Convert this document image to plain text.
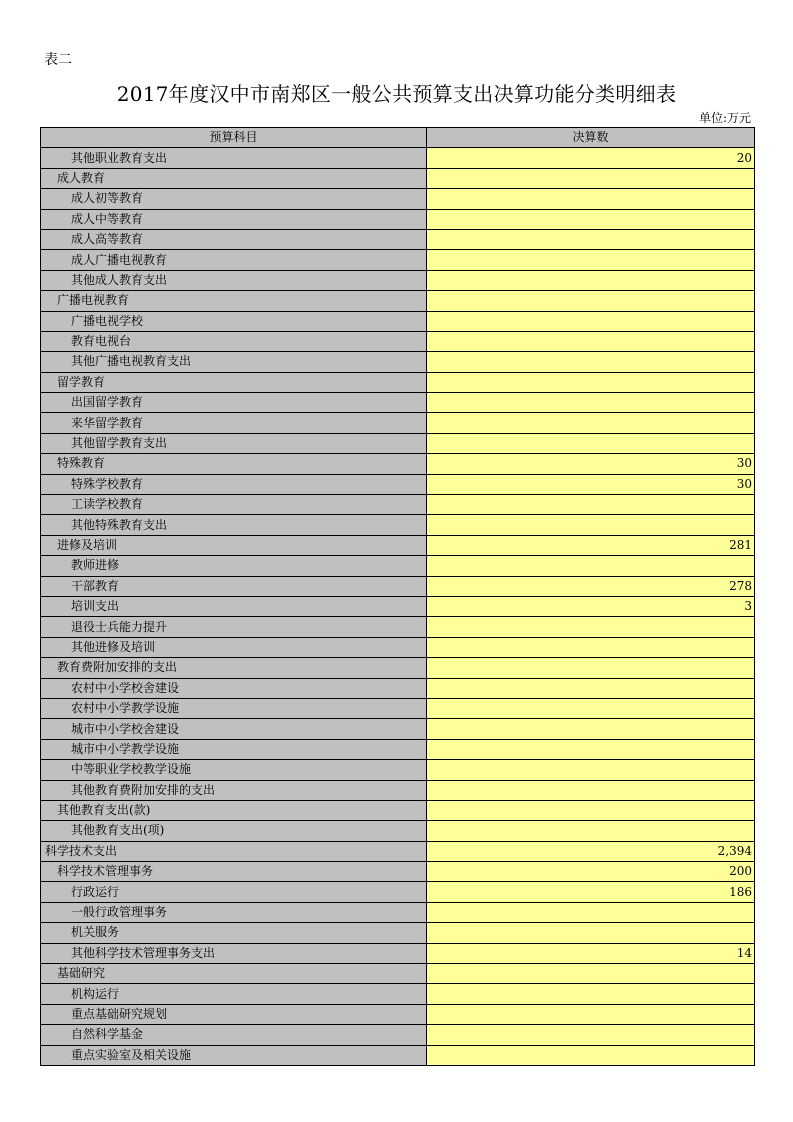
表二
2017年度汉中市南郑区一般公共预算支出决算功能分类明细表
单位:万元
预算科目	决算数
其他职业教育支出	20
成人教育	
成人初等教育	
成人中等教育	
成人高等教育	
成人广播电视教育	
其他成人教育支出	
广播电视教育	
广播电视学校	
教育电视台	
其他广播电视教育支出	
留学教育	
出国留学教育	
来华留学教育	
其他留学教育支出	
特殊教育	30
特殊学校教育	30
工读学校教育	
其他特殊教育支出	
进修及培训	281
教师进修	
干部教育	278
培训支出	3
退役士兵能力提升	
其他进修及培训	
教育费附加安排的支出	
农村中小学校舍建设	
农村中小学教学设施	
城市中小学校舍建设	
城市中小学教学设施	
中等职业学校教学设施	
其他教育费附加安排的支出	
其他教育支出(款)	
其他教育支出(项)	
科学技术支出	2,394
科学技术管理事务	200
行政运行	186
一般行政管理事务	
机关服务	
其他科学技术管理事务支出	14
基础研究	
机构运行	
重点基础研究规划	
自然科学基金	
重点实验室及相关设施	
